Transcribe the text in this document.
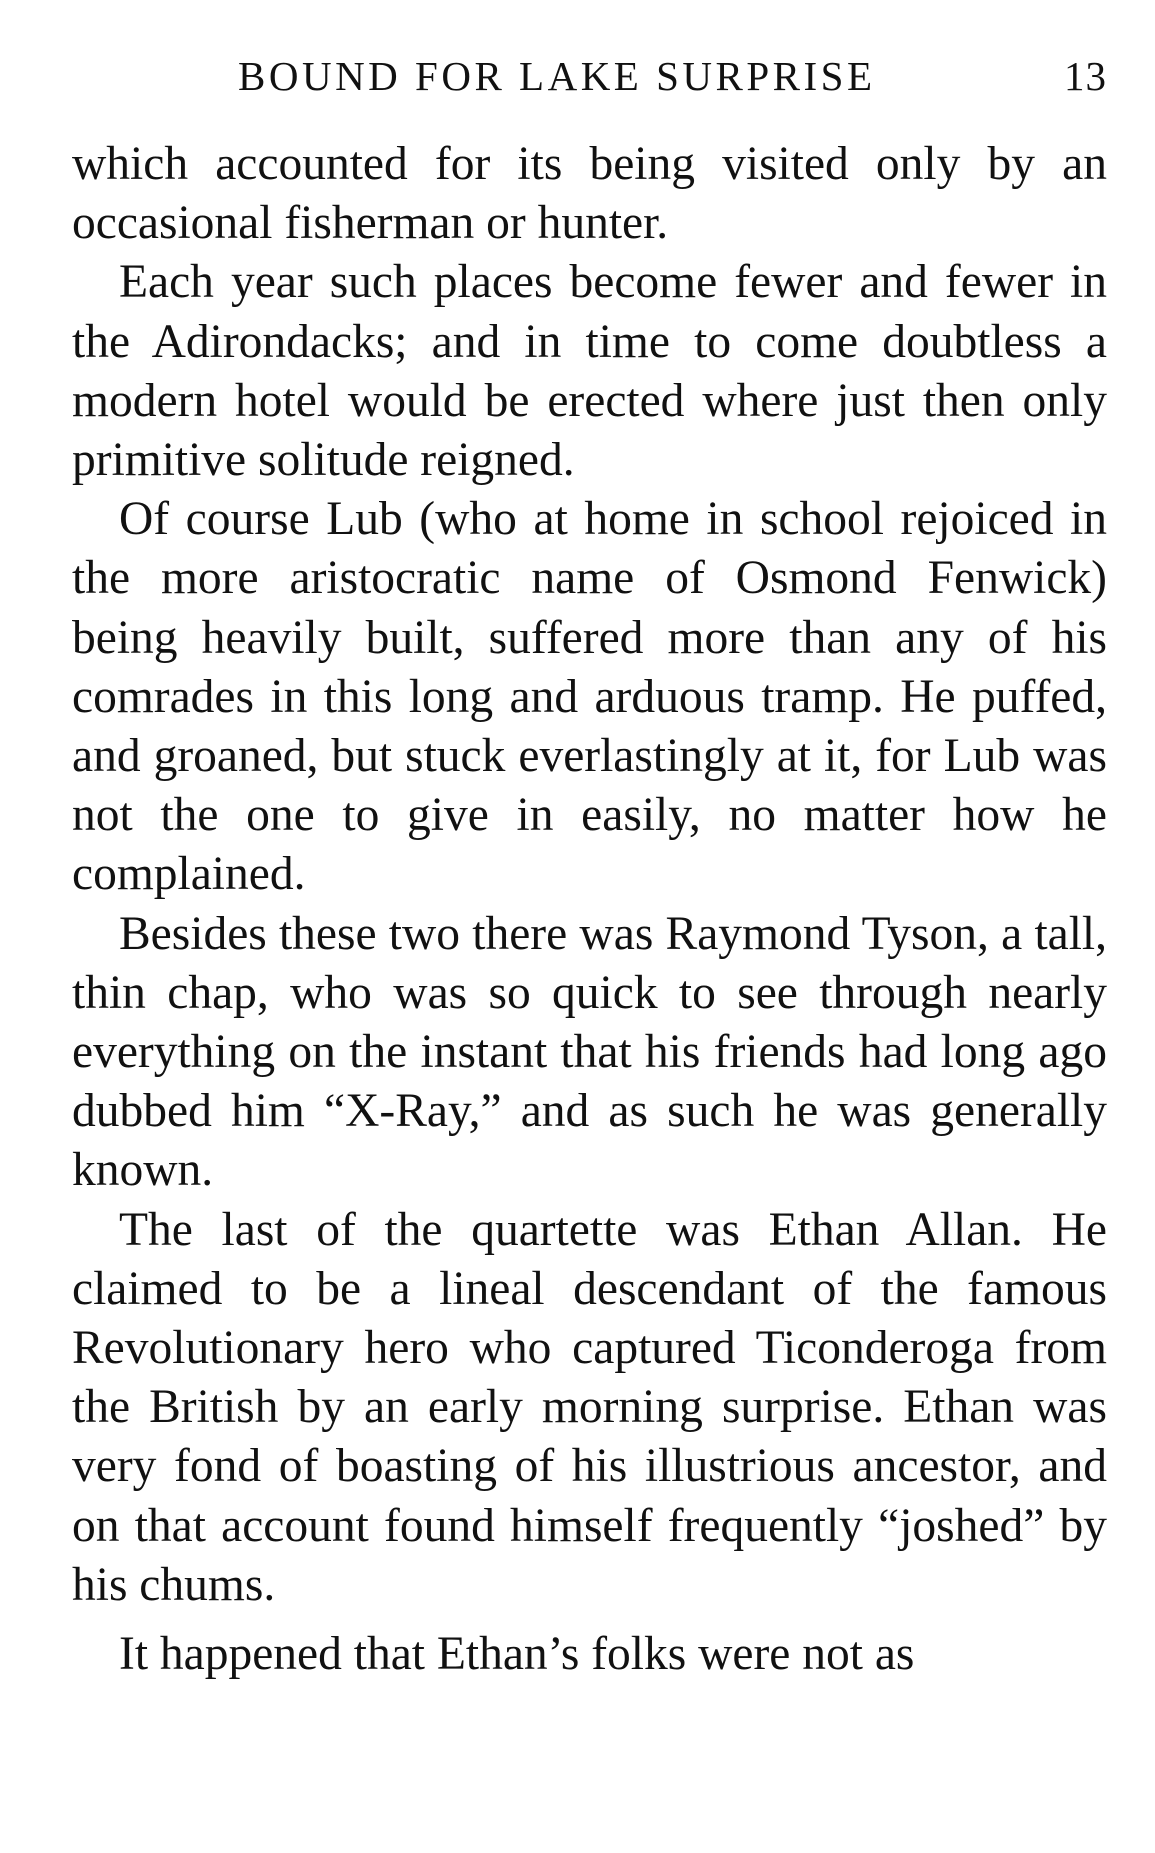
BOUND FOR LAKE SURPRISE	13

which accounted for its being visited only by an occasional fisherman or hunter.

Each year such places become fewer and fewer in the Adirondacks; and in time to come doubtless a modern hotel would be erected where just then only primitive solitude reigned.

Of course Lub (who at home in school rejoiced in the more aristocratic name of Osmond Fenwick) being heavily built, suffered more than any of his comrades in this long and arduous tramp. He puffed, and groaned, but stuck everlastingly at it, for Lub was not the one to give in easily, no matter how he complained.

Besides these two there was Raymond Tyson, a tall, thin chap, who was so quick to see through nearly everything on the instant that his friends had long ago dubbed him “X-Ray,” and as such he was generally known.

The last of the quartette was Ethan Allan. He claimed to be a lineal descendant of the famous Revolutionary hero who captured Ticonderoga from the British by an early morning surprise. Ethan was very fond of boasting of his illustrious ancestor, and on that account found himself frequently “joshed” by his chums.

It happened that Ethan’s folks were not as
